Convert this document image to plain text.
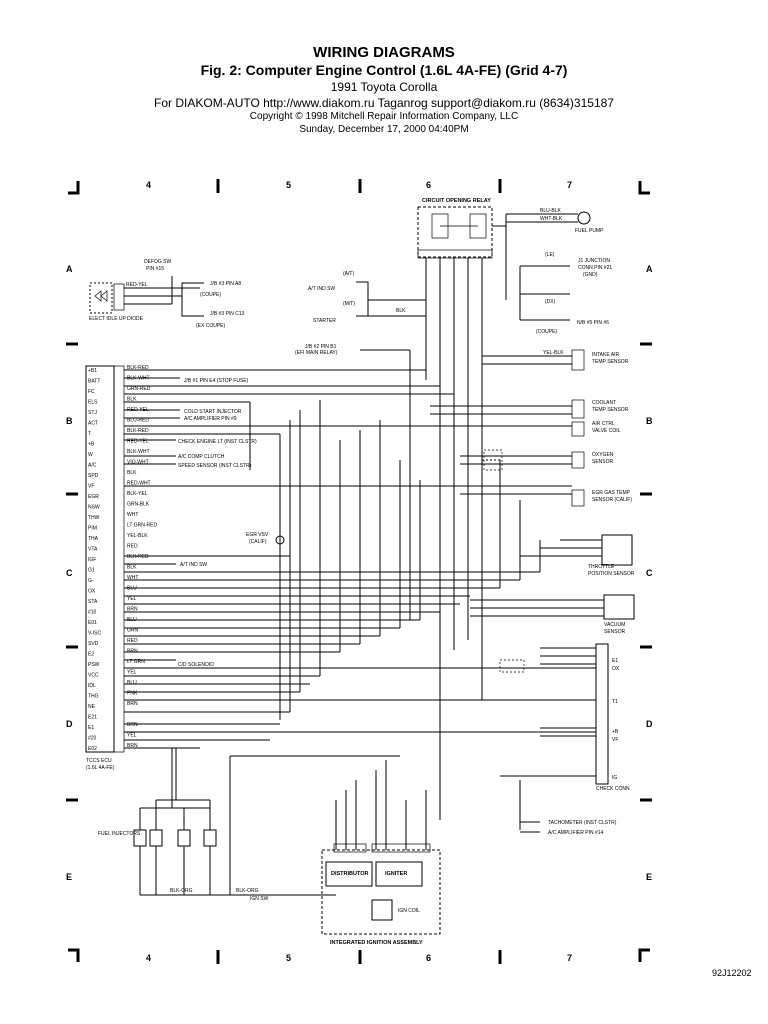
WIRING DIAGRAMS
Fig. 2: Computer Engine Control (1.6L 4A-FE) (Grid 4-7)
1991 Toyota Corolla
For DIAKOM-AUTO http://www.diakom.ru Taganrog support@diakom.ru (8634)315187
Copyright © 1998 Mitchell Repair Information Company, LLC
Sunday, December 17, 2000 04:40PM
4	5	6	7
4	5	6	7
A
B
C
D
E
A
B
C
D
E
CIRCUIT OPENING RELAY
BLU-BLK
WHT-BLK
FUEL PUMP
ELECT IDLE UP DIODE
DEFOG SW
PIN #15
RED-YEL	J/B #3 PIN A8
(COUPE)
J/B #3 PIN C13
(EX COUPE)
(A/T)
A/T IND SW
(M/T)
STARTER
BLK
(LE)
J1 JUNCTION
CONN PIN #21
(GND)
(DX)
N/B #5 PIN #6
(COUPE)
J/B #2 PIN B1
(EFI MAIN RELAY)
TCCS ECU
(1.6L 4A-FE)
+B1	BLK-RED
BATT	BLK-WHT
FC	GRN-RED
ELS	BLK
STJ	RED-YEL
ACT	BLU-RED
T	BLK-RED
+B	RED-YEL
W	BLK-WHT
A/C	VIO-WHT
SPD	BLK
VF	RED-WHT
EGR	BLK-YEL
NSW	GRN-BLK
THW	WHT
PIM	LT GRN-RED
THA	YEL-BLK
VTA	RED
IGF	BLK-RED
G1	BLK
G-	WHT
OX	BLU
STA	YEL
#10	BRN
E01	BLU
V-ISC	GRN
SVD	RED
E2	BRN
PSW	LT GRN
VCC	YEL
IDL	BLU
THG	PNK
NE	BRN
E21
E1	BRN
#20	YEL
E02	BRN
INTAKE AIR
TEMP SENSOR
YEL-BLK
COOLANT
TEMP SENSOR
AIR CTRL
VALVE COIL
OXYGEN
SENSOR
EGR GAS TEMP
SENSOR (CALIF)
THROTTLE
POSITION SENSOR
VACUUM
SENSOR
CHECK CONN
E1
OX
T1
+B
VF
IG
J/B #1 PIN E4 (STOP FUSE)
COLD START INJECTOR
A/C AMPLIFIER PIN #9
CHECK ENGINE LT (INST CLSTR)
A/C COMP CLUTCH
SPEED SENSOR (INST CLSTR)
EGR VSV
(CALIF)
A/T IND SW
C/D SOLENOID
FUEL INJECTORS
BLK-ORG	BLK-ORG
IGN SW
TACHOMETER (INST CLSTR)
A/C AMPLIFIER PIN #14
DISTRIBUTOR	IGNITER
IGN COIL
INTEGRATED IGNITION ASSEMBLY
92J12202
